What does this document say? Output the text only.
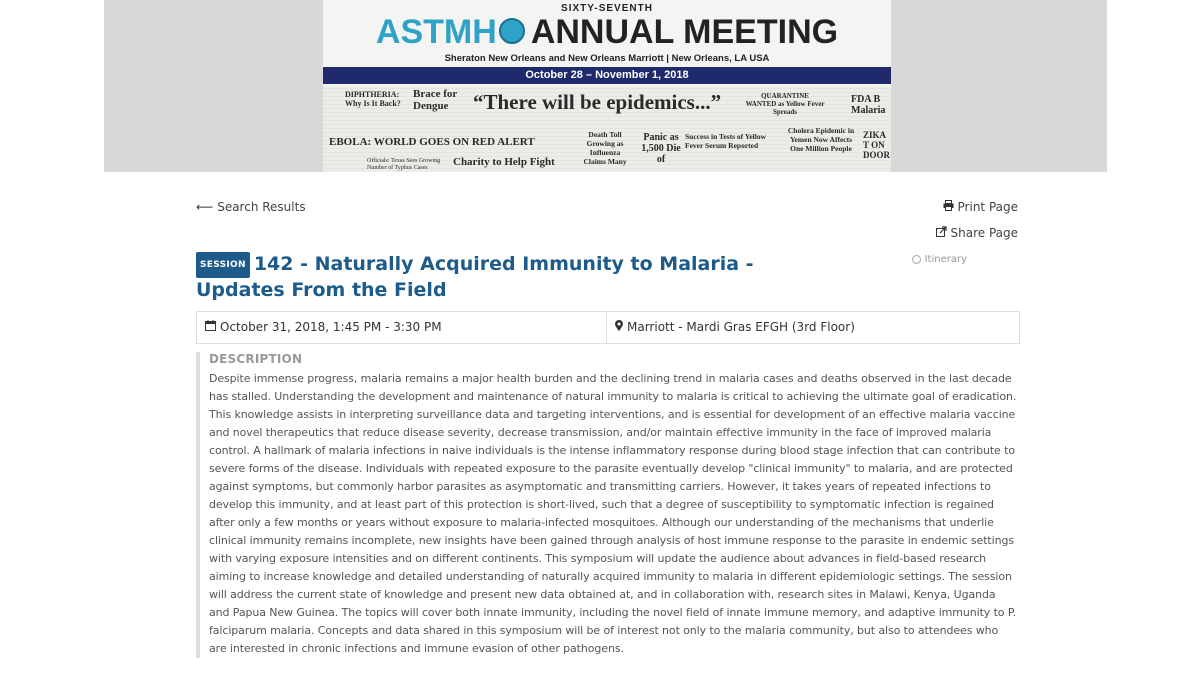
SIXTY-SEVENTH
ASTMH ANNUAL MEETING
Sheraton New Orleans and New Orleans Marriott | New Orleans, LA USA
October 28 – November 1, 2018
DIPHTHERIA: Why Is It Back?
Brace for Dengue	“There will be epidemics...”	QUARANTINE WANTED as Yellow Fever Spreads
FDA B Malaria
EBOLA: WORLD GOES ON RED ALERT
Death Toll Growing as Influenza Claims Many
Panic as 1,500 Die of
Success in Tests of Yellow Fever Serum Reported
Cholera Epidemic in Yemen Now Affects One Million People
ZIKA T ON DOOR
Charity to Help Fight
Officials: Texas Sees Growing Number of Typhus Cases
⟵ Search Results	Print Page
Share Page
Itinerary
SESSION 142 - Naturally Acquired Immunity to Malaria - Updates From the Field
October 31, 2018, 1:45 PM - 3:30 PM	Marriott - Mardi Gras EFGH (3rd Floor)
DESCRIPTION
Despite immense progress, malaria remains a major health burden and the declining trend in malaria cases and deaths observed in the last decade has stalled. Understanding the development and maintenance of natural immunity to malaria is critical to achieving the ultimate goal of eradication. This knowledge assists in interpreting surveillance data and targeting interventions, and is essential for development of an effective malaria vaccine and novel therapeutics that reduce disease severity, decrease transmission, and/or maintain effective immunity in the face of improved malaria control. A hallmark of malaria infections in naive individuals is the intense inflammatory response during blood stage infection that can contribute to severe forms of the disease. Individuals with repeated exposure to the parasite eventually develop "clinical immunity" to malaria, and are protected against symptoms, but commonly harbor parasites as asymptomatic and transmitting carriers. However, it takes years of repeated infections to develop this immunity, and at least part of this protection is short-lived, such that a degree of susceptibility to symptomatic infection is regained after only a few months or years without exposure to malaria-infected mosquitoes. Although our understanding of the mechanisms that underlie clinical immunity remains incomplete, new insights have been gained through analysis of host immune response to the parasite in endemic settings with varying exposure intensities and on different continents. This symposium will update the audience about advances in field-based research aiming to increase knowledge and detailed understanding of naturally acquired immunity to malaria in different epidemiologic settings. The session will address the current state of knowledge and present new data obtained at, and in collaboration with, research sites in Malawi, Kenya, Uganda and Papua New Guinea. The topics will cover both innate immunity, including the novel field of innate immune memory, and adaptive immunity to P. falciparum malaria. Concepts and data shared in this symposium will be of interest not only to the malaria community, but also to attendees who are interested in chronic infections and immune evasion of other pathogens.
